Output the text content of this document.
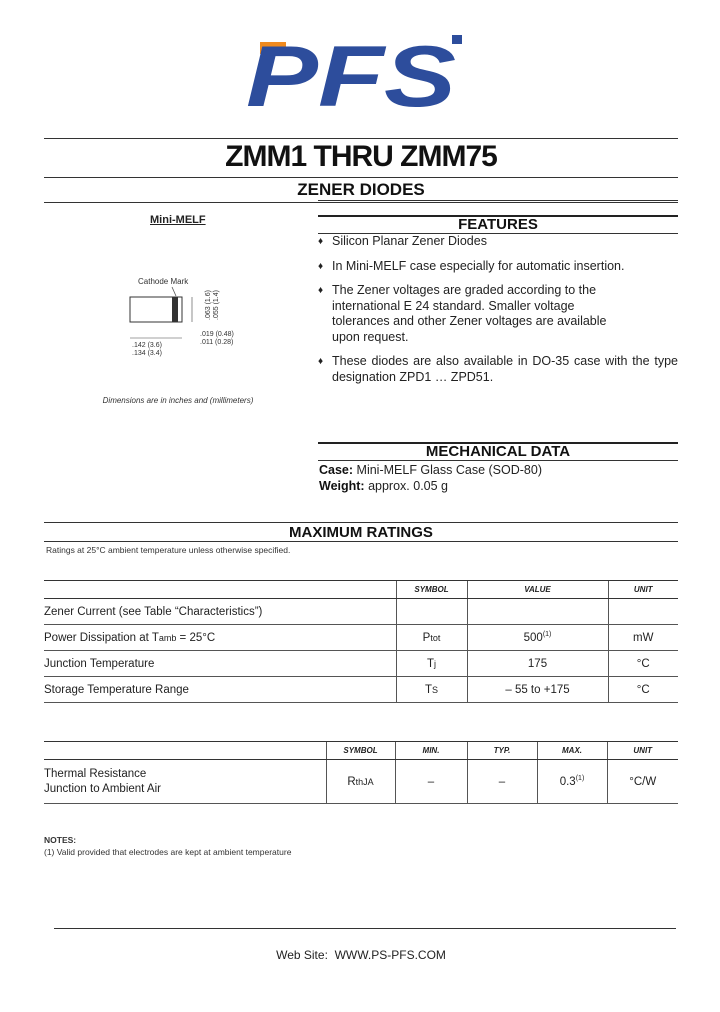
PFS
ZMM1 THRU ZMM75
ZENER DIODES
Mini-MELF
Cathode Mark
.142 (3.6)
.134 (3.4)
.063 (1.6) .055 (1.4)
.019 (0.48)
.011 (0.28)
Dimensions are in inches and (millimeters)
FEATURES
♦ Silicon Planar Zener Diodes
♦ In Mini-MELF case especially for automatic insertion.
♦ The Zener voltages are graded according to the international E 24 standard. Smaller voltage tolerances and other Zener voltages are available upon request.
♦ These diodes are also available in DO-35 case with the type designation ZPD1 … ZPD51.
MECHANICAL DATA
Case: Mini-MELF Glass Case (SOD-80)
Weight: approx. 0.05 g
MAXIMUM RATINGS
Ratings at 25°C ambient temperature unless otherwise specified.
	SYMBOL	VALUE	UNIT
Zener Current (see Table “Characteristics”)			
Power Dissipation at Tamb = 25°C	Ptot	500$^{(1)}$	mW
Junction Temperature	Tj	175	°C
Storage Temperature Range	TS	– 55 to +175	°C
	SYMBOL	MIN.	TYP.	MAX.	UNIT

Thermal Resistance
Junction to Ambient Air	RthJA	–	–	0.3$^{(1)}$	°C/W
NOTES:
(1) Valid provided that electrodes are kept at ambient temperature
Web Site: WWW.PS-PFS.COM
